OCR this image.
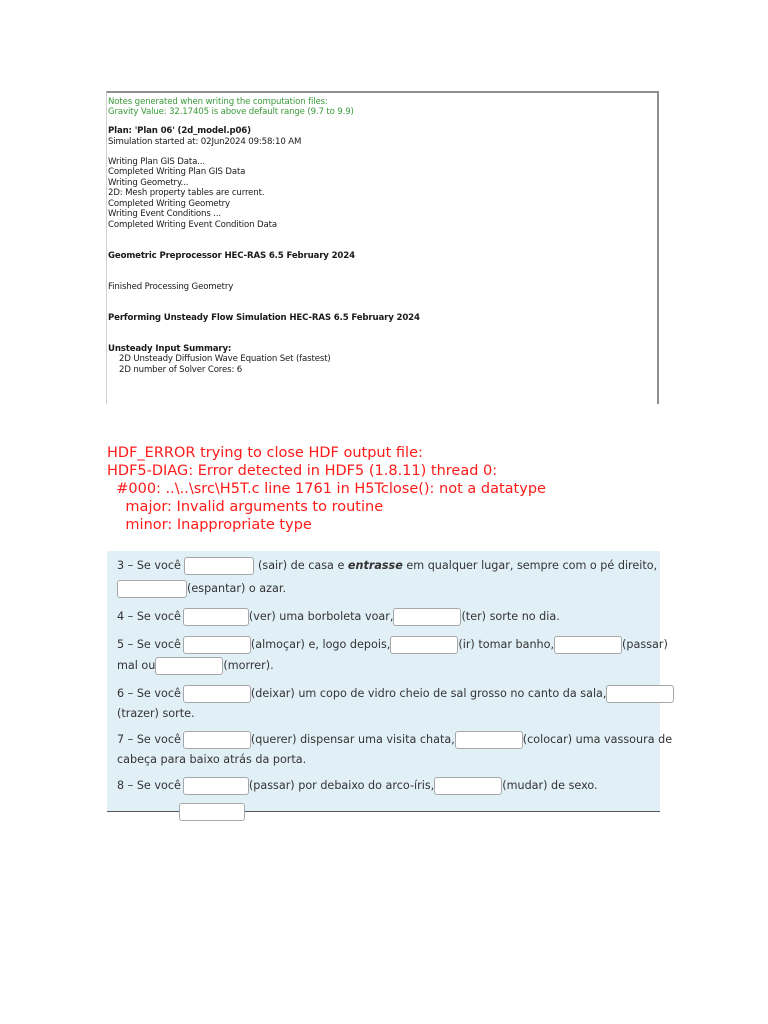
Notes generated when writing the computation files:
Gravity Value: 32.17405 is above default range (9.7 to 9.9)
Plan: 'Plan 06' (2d_model.p06)
Simulation started at: 02Jun2024 09:58:10 AM
Writing Plan GIS Data...
Completed Writing Plan GIS Data
Writing Geometry...
2D: Mesh property tables are current.
Completed Writing Geometry
Writing Event Conditions ...
Completed Writing Event Condition Data
Geometric Preprocessor HEC-RAS 6.5 February 2024
Finished Processing Geometry
Performing Unsteady Flow Simulation HEC-RAS 6.5 February 2024
Unsteady Input Summary:
2D Unsteady Diffusion Wave Equation Set (fastest)
2D number of Solver Cores: 6
HDF_ERROR trying to close HDF output file:
HDF5-DIAG: Error detected in HDF5 (1.8.11) thread 0:
#000: ..\..\src\H5T.c line 1761 in H5Tclose(): not a datatype
major: Invalid arguments to routine
minor: Inappropriate type
3 – Se você	(sair) de casa e entrasse em qualquer lugar, sempre com o pé direito,
(espantar) o azar.
4 – Se você	(ver) uma borboleta voar,	(ter) sorte no dia.
5 – Se você	(almoçar) e, logo depois,	(ir) tomar banho,	(passar)
mal ou	(morrer).
6 – Se você	(deixar) um copo de vidro cheio de sal grosso no canto da sala,
(trazer) sorte.
7 – Se você	(querer) dispensar uma visita chata,	(colocar) uma vassoura de
cabeça para baixo atrás da porta.
8 – Se você	(passar) por debaixo do arco-íris,	(mudar) de sexo.
